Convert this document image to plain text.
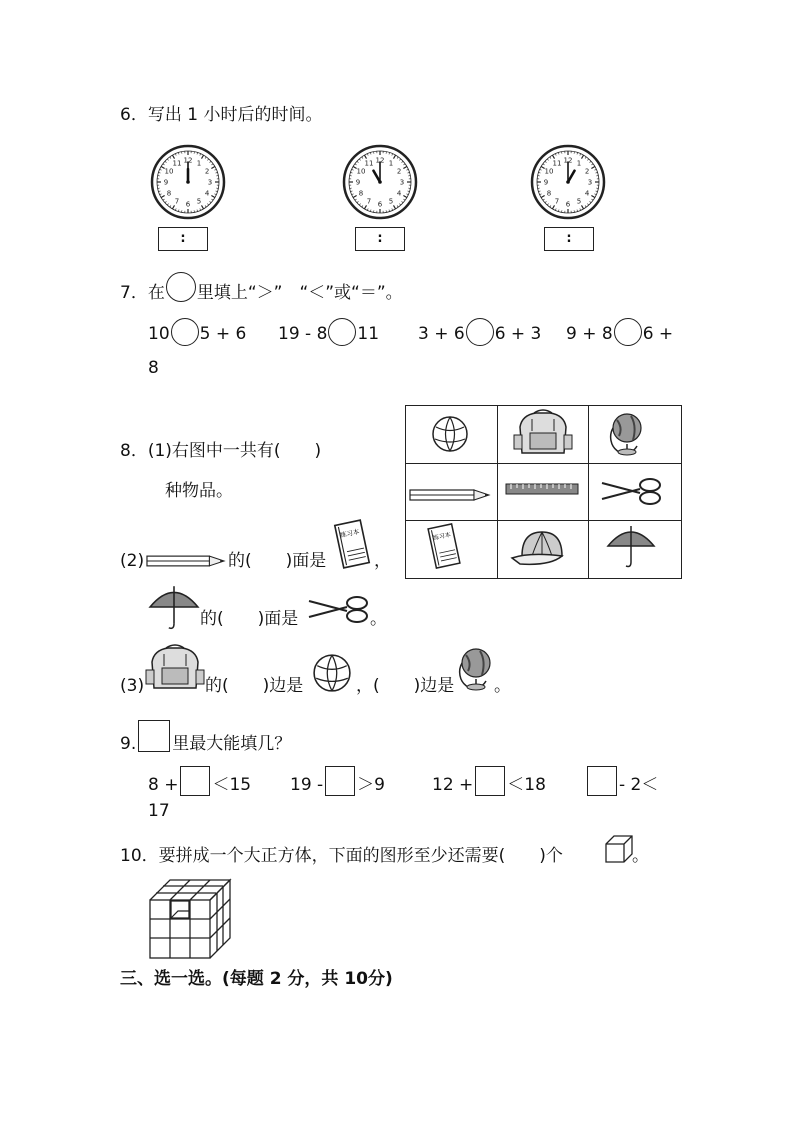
6．写出 1 小时后的时间。
12 1
2
3
4
5
6
7
8
9
10
11	12 1
2
3
4
5
6
7
8
9
10
11	12 1
2
3
4
5
6
7
8
9
10
11
:	:	:
7．在 里填上“＞”　“＜”或“＝”。
10 5 + 6 19 - 8 11 3 + 6 6 + 3 9 + 8 6 +
8
8．(1)右图中一共有(　　)
种物品。
练习本
(2)	的(　　)面是
练习本
，
的(　　)面是	。
(3)	的(　　)边是	，(　　)边是 。
9. 里最大能填几？
8 + ＜15 19 - ＞9	12 + ＜18	- 2＜
17
10．要拼成一个大正方体，下面的图形至少还需要(　　)个	。
三、选一选。(每题 2 分，共 10分)
